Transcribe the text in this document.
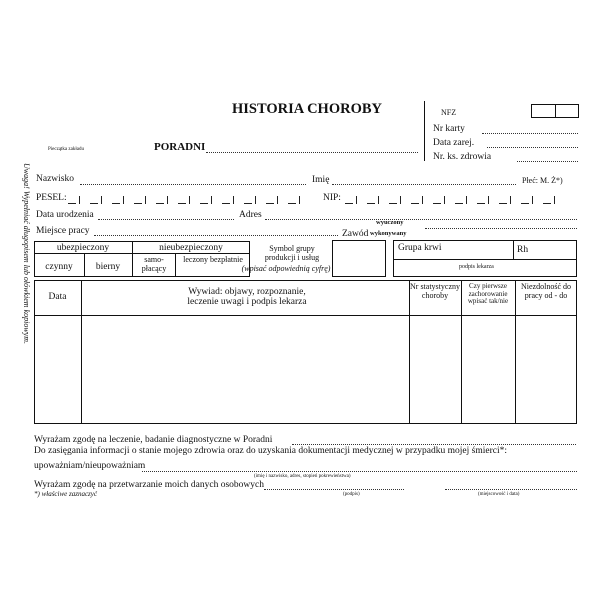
HISTORIA CHOROBY
Pieczątka zakładu	PORADNI
NFZ
Nr karty
Data zarej.
Nr. ks. zdrowia
Uwaga! Wypełniać długopisem lub ołówkiem kopiowym. Nazwisko	Imię	Płeć: M. Ż*)
PESEL:	NIP:
Data urodzenia	Adres
Miejsce pracy	Zawód
wyuczony
wykonywany
ubezpieczony	nieubezpieczony
czynny	bierny
samo-płacący
leczony bezpłatnie
Symbol grupy produkcji i usług
(wpisać odpowiednią cyfrę)
Grupa krwi	Rh
podpis lekarza
Data	Wywiad: objawy, rozpoznanie, leczenie uwagi i podpis lekarza
Nr statystyczny choroby
Czy pierwsze zachorowanie wpisać tak/nie
Niezdolność do pracy od - do
Wyrażam zgodę na leczenie, badanie diagnostyczne w Poradni
Do zasięgania informacji o stanie mojego zdrowia oraz do uzyskania dokumentacji medycznej w przypadku mojej śmierci*:
upoważniam/nieupoważniam
(imię i nazwisko, adres, stopień pokrewieństwa)
Wyrażam zgodę na przetwarzanie moich danych osobowych
*) właściwe zaznaczyć	(podpis)	(miejscowość i data)
